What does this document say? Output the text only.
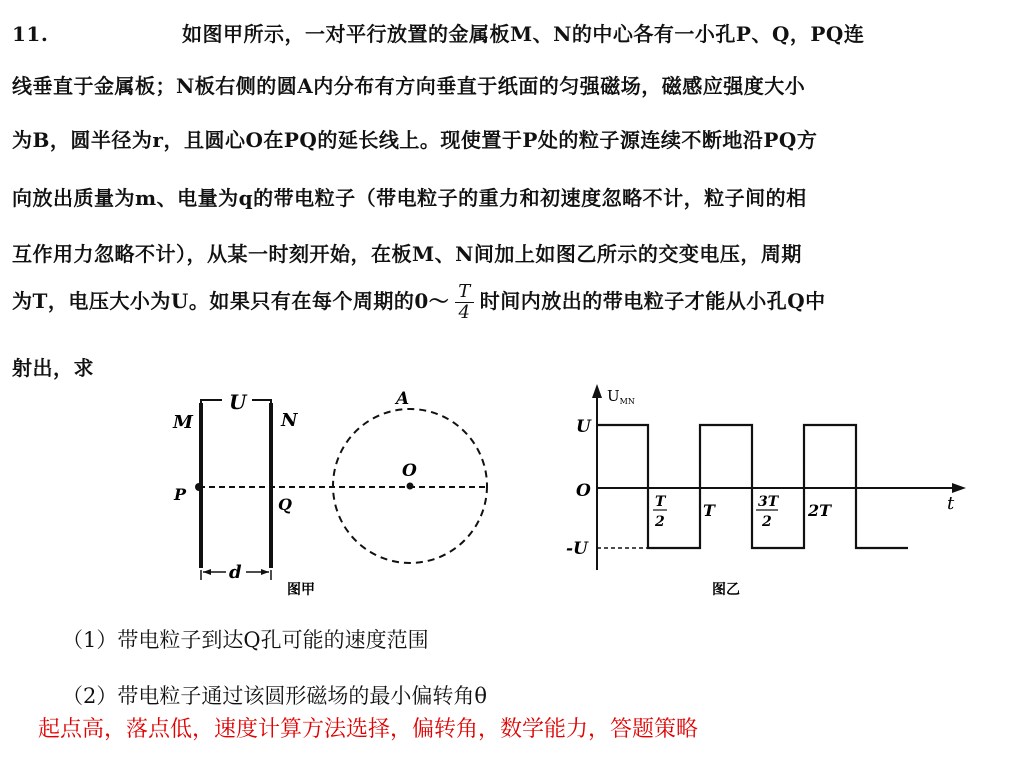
11.	如图甲所示，一对平行放置的金属板M、N的中心各有一小孔P、Q，PQ连
线垂直于金属板；N板右侧的圆A内分布有方向垂直于纸面的匀强磁场，磁感应强度大小
为B，圆半径为r，且圆心O在PQ的延长线上。现使置于P处的粒子源连续不断地沿PQ方
向放出质量为m、电量为q的带电粒子（带电粒子的重力和初速度忽略不计，粒子间的相
互作用力忽略不计），从某一时刻开始，在板M、N间加上如图乙所示的交变电压，周期
为T，电压大小为U。如果只有在每个周期的0～ $\frac{T}{4}$ 时间内放出的带电粒子才能从小孔Q中
射出，求
U
M	N
P
Q
O
A
d
图甲
$U_{MN}$
t
U
O
-U
T
2
T	3T
2
2T
图乙
（1）带电粒子到达Q孔可能的速度范围
（2）带电粒子通过该圆形磁场的最小偏转角θ
起点高，落点低，速度计算方法选择，偏转角，数学能力，答题策略
